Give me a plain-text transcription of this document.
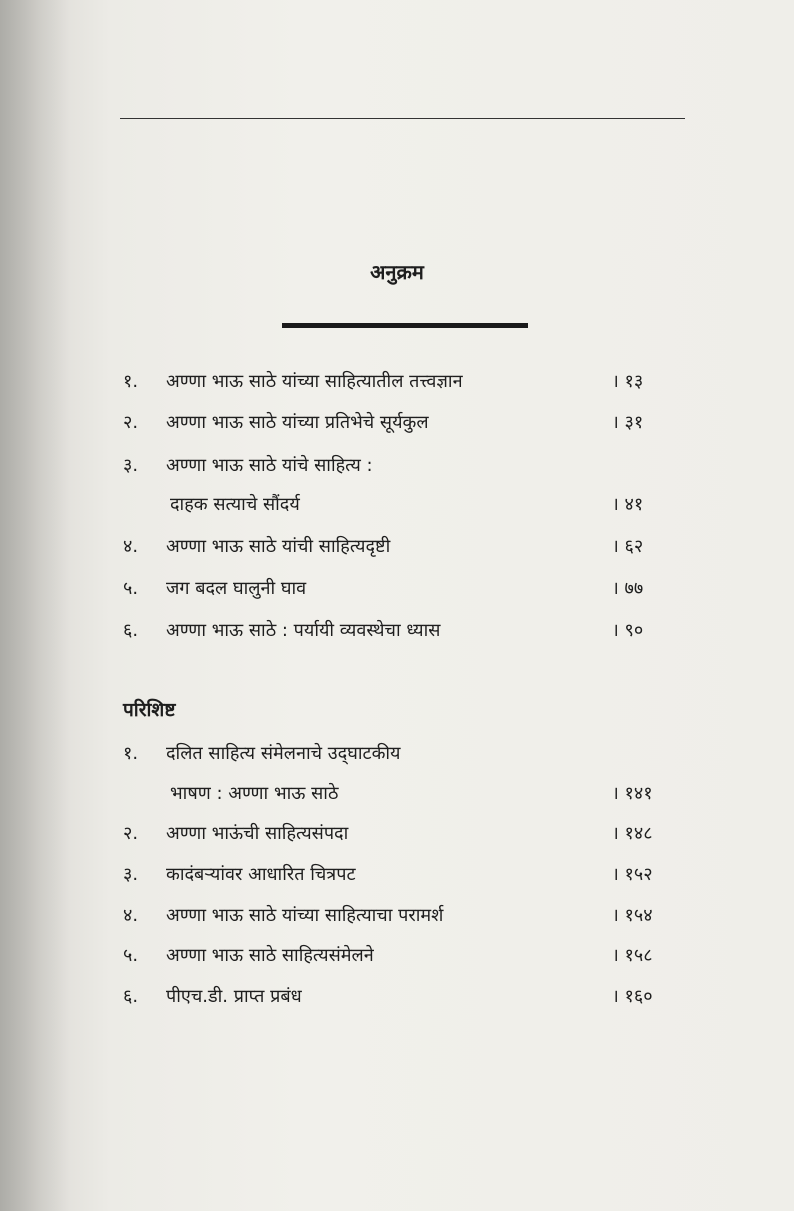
अनुक्रम
१. अण्णा भाऊ साठे यांच्या साहित्यातील तत्त्वज्ञान	। १३
२. अण्णा भाऊ साठे यांच्या प्रतिभेचे सूर्यकुल	। ३१
३. अण्णा भाऊ साठे यांचे साहित्य :
दाहक सत्याचे सौंदर्य	। ४१
४. अण्णा भाऊ साठे यांची साहित्यदृष्टी	। ६२
५. जग बदल घालुनी घाव	। ७७
६. अण्णा भाऊ साठे : पर्यायी व्यवस्थेचा ध्यास	। ९०
परिशिष्ट
१. दलित साहित्य संमेलनाचे उद्‌घाटकीय
भाषण : अण्णा भाऊ साठे	। १४१
२. अण्णा भाऊंची साहित्यसंपदा	। १४८
३. कादंबऱ्यांवर आधारित चित्रपट	। १५२
४. अण्णा भाऊ साठे यांच्या साहित्याचा परामर्श	। १५४
५. अण्णा भाऊ साठे साहित्यसंमेलने	। १५८
६. पीएच.डी. प्राप्त प्रबंध	। १६०
